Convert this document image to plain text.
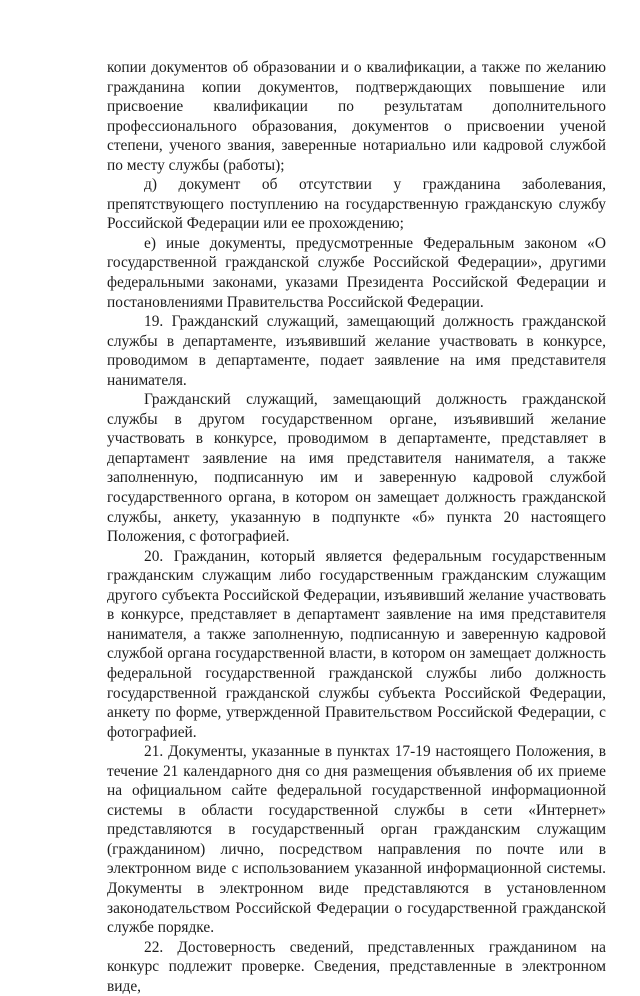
копии документов об образовании и о квалификации, а также по желанию гражданина копии документов, подтверждающих повышение или присвоение квалификации по результатам дополнительного профессионального образования, документов о присвоении ученой степени, ученого звания, заверенные нотариально или кадровой службой по месту службы (работы);

д) документ об отсутствии у гражданина заболевания, препятствующего поступлению на государственную гражданскую службу Российской Федерации или ее прохождению;

е) иные документы, предусмотренные Федеральным законом «О государственной гражданской службе Российской Федерации», другими федеральными законами, указами Президента Российской Федерации и постановлениями Правительства Российской Федерации.

19. Гражданский служащий, замещающий должность гражданской службы в департаменте, изъявивший желание участвовать в конкурсе, проводимом в департаменте, подает заявление на имя представителя нанимателя.

Гражданский служащий, замещающий должность гражданской службы в другом государственном органе, изъявивший желание участвовать в конкурсе, проводимом в департаменте, представляет в департамент заявление на имя представителя нанимателя, а также заполненную, подписанную им и заверенную кадровой службой государственного органа, в котором он замещает должность гражданской службы, анкету, указанную в подпункте «б» пункта 20 настоящего Положения, с фотографией.

20. Гражданин, который является федеральным государственным гражданским служащим либо государственным гражданским служащим другого субъекта Российской Федерации, изъявивший желание участвовать в конкурсе, представляет в департамент заявление на имя представителя нанимателя, а также заполненную, подписанную и заверенную кадровой службой органа государственной власти, в котором он замещает должность федеральной государственной гражданской службы либо должность государственной гражданской службы субъекта Российской Федерации, анкету по форме, утвержденной Правительством Российской Федерации, с фотографией.

21. Документы, указанные в пунктах 17-19 настоящего Положения, в течение 21 календарного дня со дня размещения объявления об их приеме на официальном сайте федеральной государственной информационной системы в области государственной службы в сети «Интернет» представляются в государственный орган гражданским служащим (гражданином) лично, посредством направления по почте или в электронном виде с использованием указанной информационной системы. Документы в электронном виде представляются в установленном законодательством Российской Федерации о государственной гражданской службе порядке.

22. Достоверность сведений, представленных гражданином на конкурс подлежит проверке. Сведения, представленные в электронном виде,
